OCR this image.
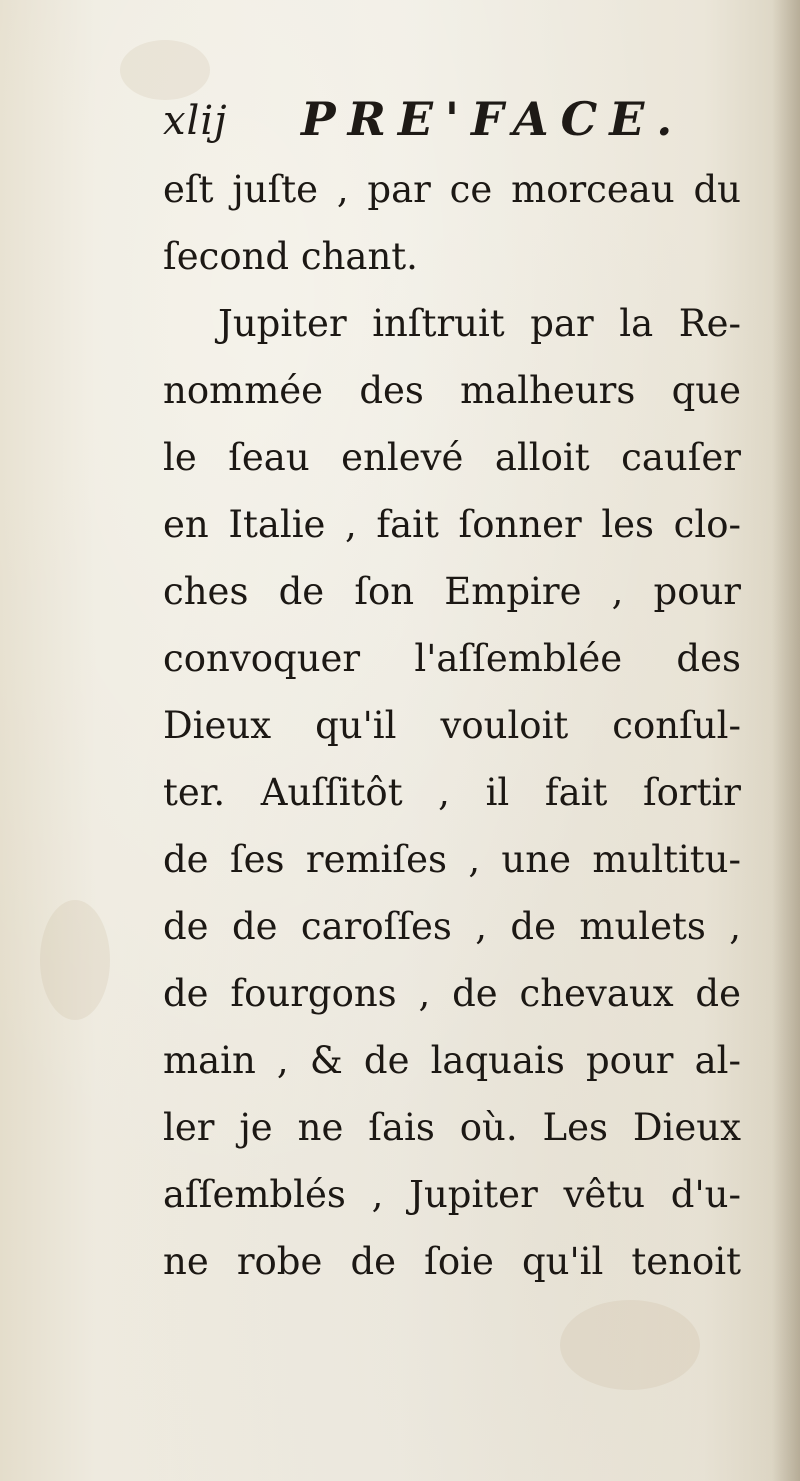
xlij PRE'FACE.
eſt juſte , par ce morceau du
ſecond chant.
Jupiter inſtruit par la Re-
nommée des malheurs que
le ſeau enlevé alloit cauſer
en Italie , fait ſonner les clo-
ches de ſon Empire , pour
convoquer l'aſſemblée des
Dieux qu'il vouloit conſul-
ter. Auſſitôt , il fait ſortir
de ſes remiſes , une multitu-
de de caroſſes , de mulets ,
de fourgons , de chevaux de
main , & de laquais pour al-
ler je ne ſais où. Les Dieux
aſſemblés , Jupiter vêtu d'u-
ne robe de ſoie qu'il tenoit
